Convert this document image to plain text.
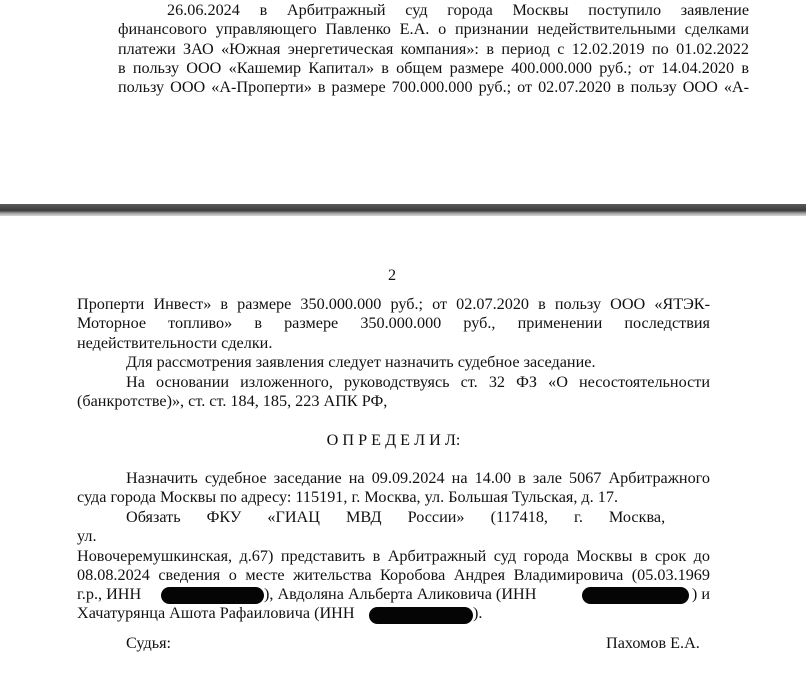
26.06.2024 в Арбитражный суд города Москвы поступило заявление
финансового управляющего Павленко Е.А. о признании недействительными сделками
платежи ЗАО «Южная энергетическая компания»: в период с 12.02.2019 по 01.02.2022
в пользу ООО «Кашемир Капитал» в общем размере 400.000.000 руб.; от 14.04.2020 в
пользу ООО «А-Проперти» в размере 700.000.000 руб.; от 02.07.2020 в пользу ООО «А-
2
Проперти Инвест» в размере 350.000.000 руб.; от 02.07.2020 в пользу ООО «ЯТЭК-
Моторное топливо» в размере 350.000.000 руб., применении последствия
недействительности сделки.
Для рассмотрения заявления следует назначить судебное заседание.
На основании изложенного, руководствуясь ст. 32 ФЗ «О несостоятельности
(банкротстве)», ст. ст. 184, 185, 223 АПК РФ,
О П Р Е Д Е Л И Л:
Назначить судебное заседание на 09.09.2024 на 14.00 в зале 5067 Арбитражного
суда города Москвы по адресу: 115191, г. Москва, ул. Большая Тульская, д. 17.
Обязать ФКУ «ГИАЦ МВД России» (117418, г. Москва, ул.
Новочеремушкинская, д.67) представить в Арбитражный суд города Москвы в срок до
08.08.2024 сведения о месте жительства Коробова Андрея Владимировича (05.03.1969
г.р., ИНН	), Авдоляна Альберта Аликовича (ИНН	) и
Хачатурянца Ашота Рафаиловича (ИНН	).
Судья:	Пахомов Е.А.
